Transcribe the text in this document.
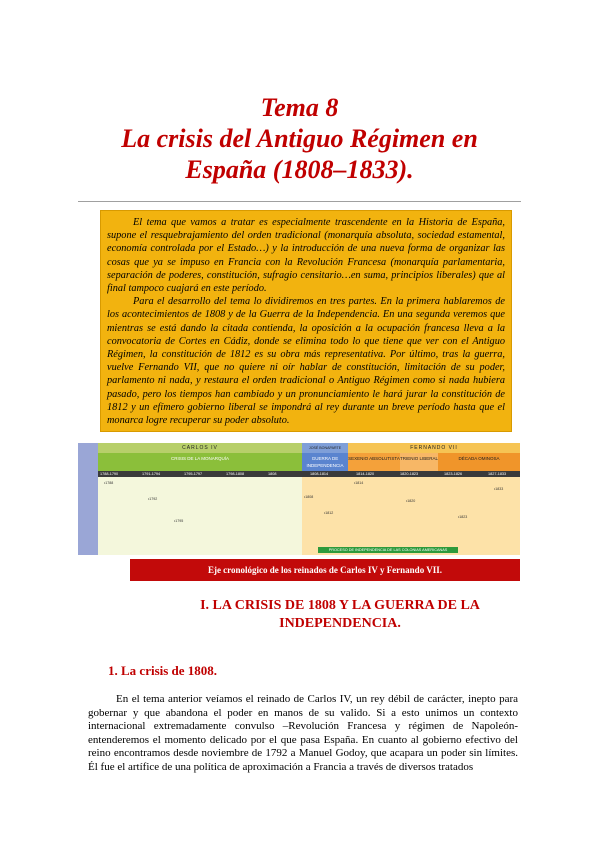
Tema 8
La crisis del Antiguo Régimen en
España (1808–1833).

El tema que vamos a tratar es especialmente trascendente en la Historia de España, supone el resquebrajamiento del orden tradicional (monarquía absoluta, sociedad estamental, economía controlada por el Estado…) y la introducción de una nueva forma de organizar las cosas que ya se impuso en Francia con la Revolución Francesa (monarquía parlamentaria, separación de poderes, constitución, sufragio censitario…en suma, principios liberales) que al final tampoco cuajará en este período.

Para el desarrollo del tema lo dividiremos en tres partes. En la primera hablaremos de los acontecimientos de 1808 y de la Guerra de la Independencia. En una segunda veremos que mientras se está dando la citada contienda, la oposición a la ocupación francesa lleva a la convocatoria de Cortes en Cádiz, donde se elimina todo lo que tiene que ver con el Antiguo Régimen, la constitución de 1812 es su obra más representativa. Por último, tras la guerra, vuelve Fernando VII, que no quiere ni oír hablar de constitución, limitación de su poder, parlamento ni nada, y restaura el orden tradicional o Antiguo Régimen como si nada hubiera pasado, pero los tiempos han cambiado y un pronunciamiento le hará jurar la constitución de 1812 y un efímero gobierno liberal se impondrá al rey durante un breve período hasta que el monarca logre recuperar su poder absoluto.

CARLOS IV	JOSÉ BONAPARTE	FERNANDO VII
CRISIS DE LA MONARQUÍA	GUERRA DE INDEPENDENCIA
SEXENIO ABSOLUTISTA TRIENIO LIBERAL	DÉCADA OMINOSA
1788-1790	1791-1794	1795-1797	1798-1808	1808	1808-1814	1814-1820	1820-1823	1823-1826	1827-1833
• 1788
• 1792
• 1795
• 1808
• 1812
• 1814
• 1820
• 1823
• 1833
PROCESO DE INDEPENDENCIA DE LAS COLONIAS AMERICANAS
Eje cronológico de los reinados de Carlos IV y Fernando VII.
I. LA CRISIS DE 1808 Y LA GUERRA DE LA
INDEPENDENCIA.
1. La crisis de 1808.

En el tema anterior veíamos el reinado de Carlos IV, un rey débil de carácter, inepto para gobernar y que abandona el poder en manos de su valido. Si a esto unimos un contexto internacional extremadamente convulso –Revolución Francesa y régimen de Napoleón- entenderemos el momento delicado por el que pasa España. En cuanto al gobierno efectivo del reino encontramos desde noviembre de 1792 a Manuel Godoy, que acapara un poder sin límites. Él fue el artífice de una política de aproximación a Francia a través de diversos tratados
